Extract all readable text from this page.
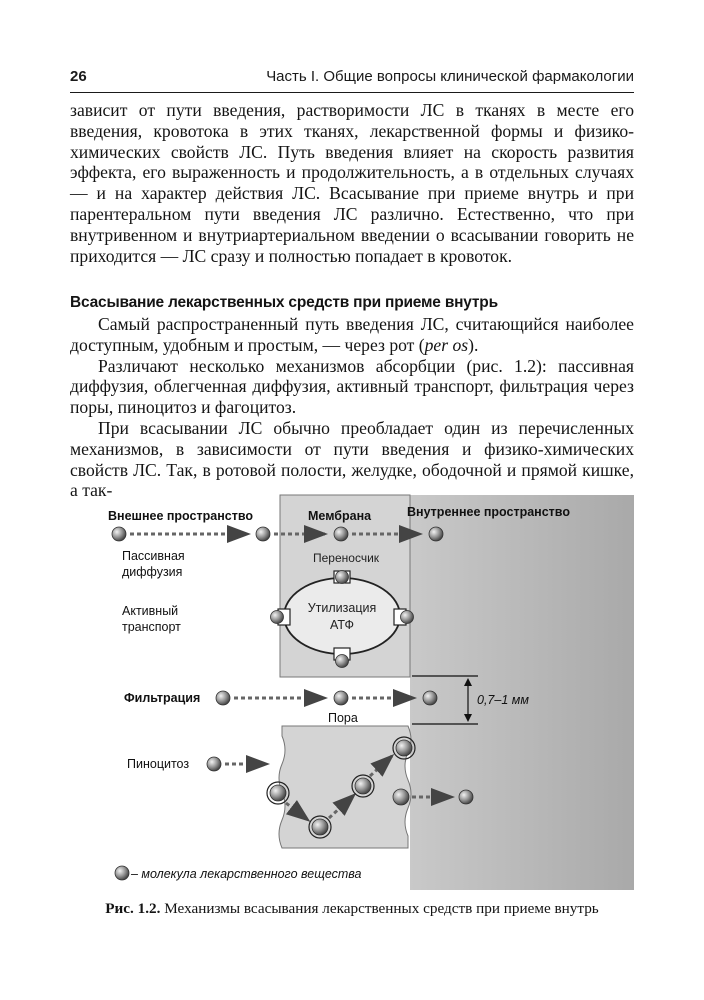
26	Часть I. Общие вопросы клинической фармакологии

зависит от пути введения, растворимости ЛС в тканях в месте его введения, кровотока в этих тканях, лекарственной формы и физико-химических свойств ЛС. Путь введения влияет на скорость развития эффекта, его выраженность и продолжительность, а в отдельных случаях — и на характер действия ЛС. Всасывание при приеме внутрь и при парентеральном пути введения ЛС различно. Естественно, что при внутривенном и внутриартериальном введении о всасывании говорить не приходится — ЛС сразу и полностью попадает в кровоток.

Всасывание лекарственных средств при приеме внутрь

Самый распространенный путь введения ЛС, считающийся наиболее доступным, удобным и простым, — через рот (per os).

Различают несколько механизмов абсорбции (рис. 1.2): пассивная диффузия, облегченная диффузия, активный транспорт, фильтрация через поры, пиноцитоз и фагоцитоз.

При всасывании ЛС обычно преобладает один из перечисленных механизмов, в зависимости от пути введения и физико-химических свойств ЛС. Так, в ротовой полости, желудке, ободочной и прямой кишке, а так-

Внешнее пространство	Мембрана	Внутреннее пространство
Пассивная
диффузия
Переносчик
Утилизация
АТФ
Активный
транспорт
Фильтрация
Пора
0,7–1 мм
Пиноцитоз
– молекула лекарственного вещества
Рис. 1.2. Механизмы всасывания лекарственных средств при приеме внутрь
